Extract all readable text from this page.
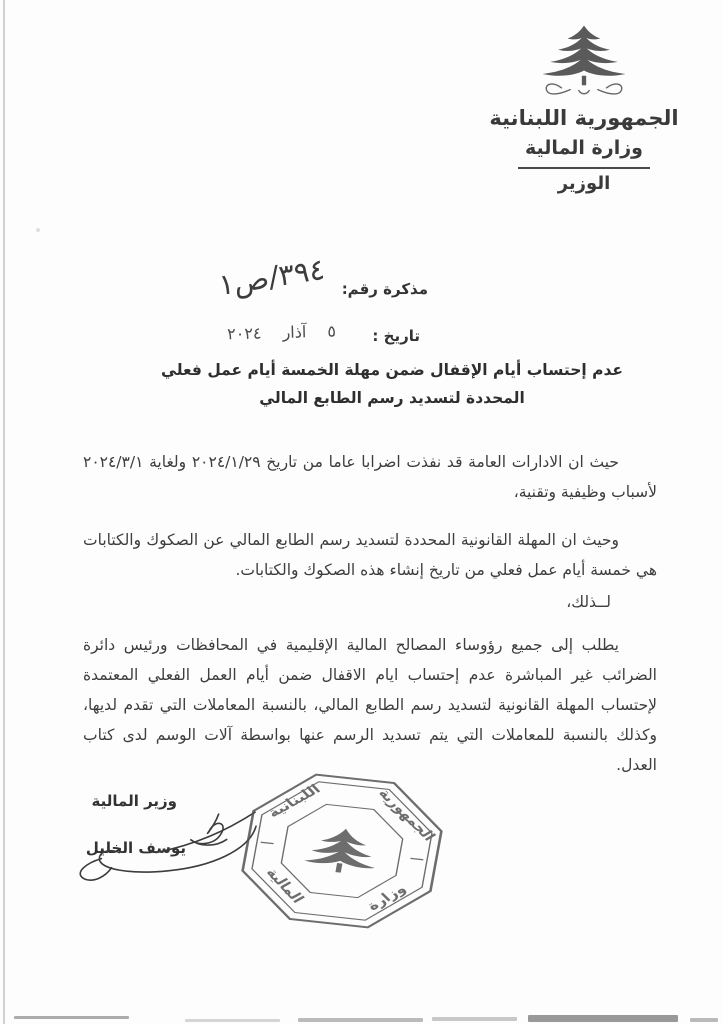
الجمهورية اللبنانية
وزارة المالية
الوزير
مذكرة رقم:
٣٩٤/ص١
تاريخ :
٥ آذار ٢٠٢٤
عدم إحتساب أيام الإقفال ضمن مهلة الخمسة أيام عمل فعلي المحددة لتسديد رسم الطابع المالي

حيث ان الادارات العامة قد نفذت اضرابا عاما من تاريخ ٢٠٢٤/١/٢٩ ولغاية ٢٠٢٤/٣/١ لأسباب وظيفية وتقنية،

وحيث ان المهلة القانونية المحددة لتسديد رسم الطابع المالي عن الصكوك والكتابات هي خمسة أيام عمل فعلي من تاريخ إنشاء هذه الصكوك والكتابات.

لــذلك،

يطلب إلى جميع رؤوساء المصالح المالية الإقليمية في المحافظات ورئيس دائرة الضرائب غير المباشرة عدم إحتساب ايام الاقفال ضمن أيام العمل الفعلي المعتمدة لإحتساب المهلة القانونية لتسديد رسم الطابع المالي، بالنسبة المعاملات التي تقدم لديها، وكذلك بالنسبة للمعاملات التي يتم تسديد الرسم عنها بواسطة آلات الوسم لدى كتاب العدل.

وزير المالية
يوسف الخليل
الجمهورية
اللبنانية
وزارة
المالية
